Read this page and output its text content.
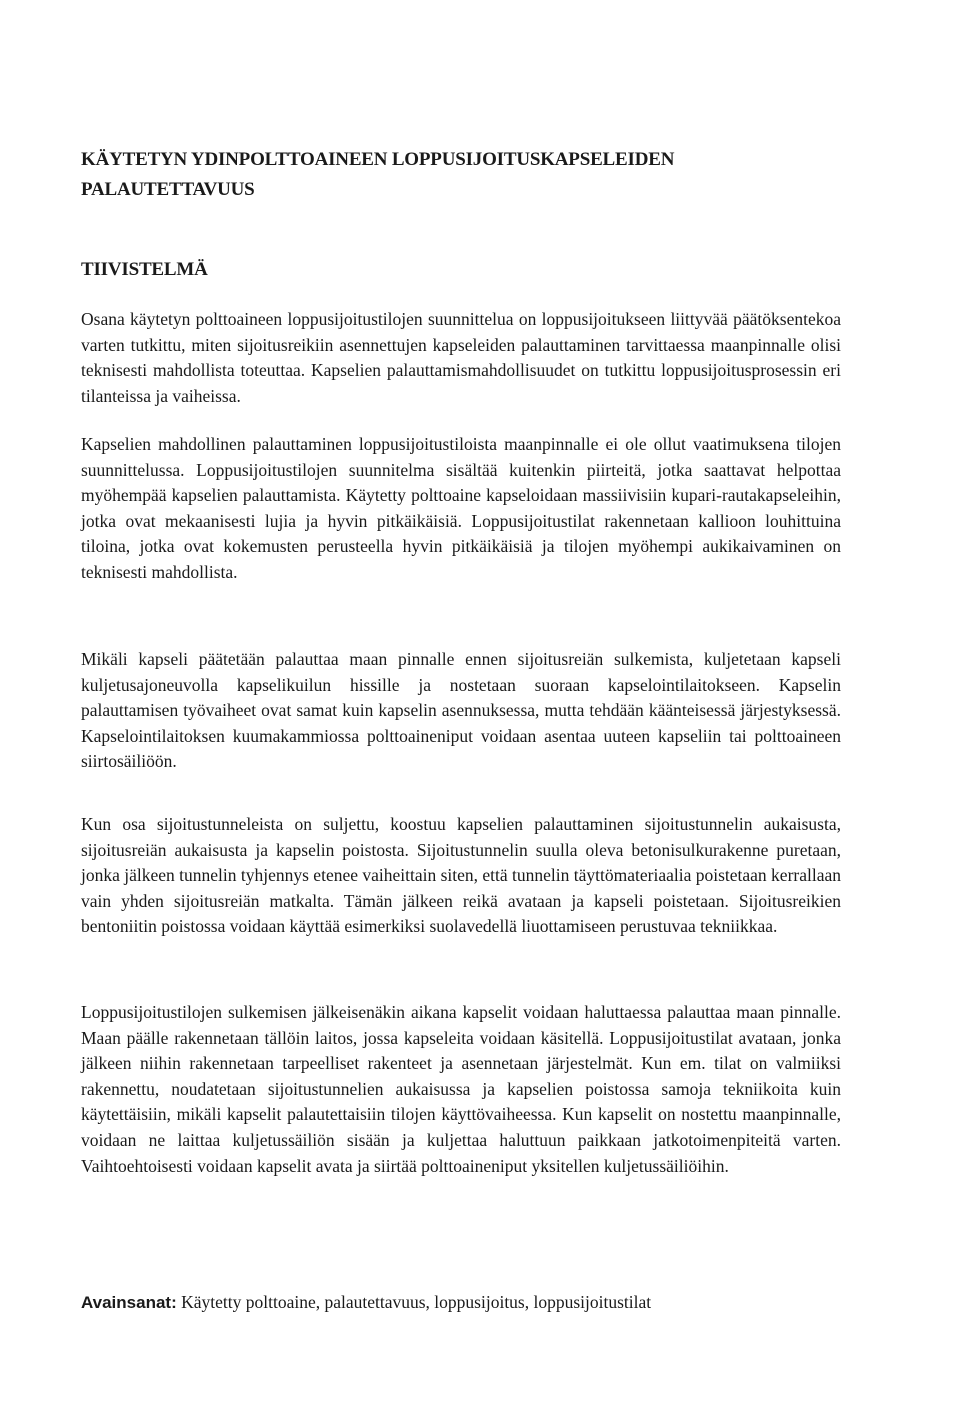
KÄYTETYN YDINPOLTTOAINEEN LOPPUSIJOITUSKAPSELEIDEN PALAUTETTAVUUS
TIIVISTELMÄ

Osana käytetyn polttoaineen loppusijoitustilojen suunnittelua on loppusijoitukseen liittyvää päätöksentekoa varten tutkittu, miten sijoitusreikiin asennettujen kapseleiden palauttaminen tarvittaessa maanpinnalle olisi teknisesti mahdollista toteuttaa. Kapselien palauttamismahdollisuudet on tutkittu loppusijoitusprosessin eri tilanteissa ja vaiheissa.

Kapselien mahdollinen palauttaminen loppusijoitustiloista maanpinnalle ei ole ollut vaatimuksena tilojen suunnittelussa. Loppusijoitustilojen suunnitelma sisältää kuitenkin piirteitä, jotka saattavat helpottaa myöhempää kapselien palauttamista. Käytetty polttoaine kapseloidaan massiivisiin kupari-rautakapseleihin, jotka ovat mekaanisesti lujia ja hyvin pitkäikäisiä. Loppusijoitustilat rakennetaan kallioon louhittuina tiloina, jotka ovat kokemusten perusteella hyvin pitkäikäisiä ja tilojen myöhempi aukikaivaminen on teknisesti mahdollista.

Mikäli kapseli päätetään palauttaa maan pinnalle ennen sijoitusreiän sulkemista, kuljetetaan kapseli kuljetusajoneuvolla kapselikuilun hissille ja nostetaan suoraan kapselointilaitokseen. Kapselin palauttamisen työvaiheet ovat samat kuin kapselin asennuksessa, mutta tehdään käänteisessä järjestyksessä. Kapselointilaitoksen kuumakammiossa polttoaineniput voidaan asentaa uuteen kapseliin tai polttoaineen siirtosäiliöön.

Kun osa sijoitustunneleista on suljettu, koostuu kapselien palauttaminen sijoitustunnelin aukaisusta, sijoitusreiän aukaisusta ja kapselin poistosta. Sijoitustunnelin suulla oleva betonisulkurakenne puretaan, jonka jälkeen tunnelin tyhjennys etenee vaiheittain siten, että tunnelin täyttömateriaalia poistetaan kerrallaan vain yhden sijoitusreiän matkalta. Tämän jälkeen reikä avataan ja kapseli poistetaan. Sijoitusreikien bentoniitin poistossa voidaan käyttää esimerkiksi suolavedellä liuottamiseen perustuvaa tekniikkaa.

Loppusijoitustilojen sulkemisen jälkeisenäkin aikana kapselit voidaan haluttaessa palauttaa maan pinnalle. Maan päälle rakennetaan tällöin laitos, jossa kapseleita voidaan käsitellä. Loppusijoitustilat avataan, jonka jälkeen niihin rakennetaan tarpeelliset rakenteet ja asennetaan järjestelmät. Kun em. tilat on valmiiksi rakennettu, noudatetaan sijoitustunnelien aukaisussa ja kapselien poistossa samoja tekniikoita kuin käytettäisiin, mikäli kapselit palautettaisiin tilojen käyttövaiheessa. Kun kapselit on nostettu maanpinnalle, voidaan ne laittaa kuljetussäiliön sisään ja kuljettaa haluttuun paikkaan jatkotoimenpiteitä varten. Vaihtoehtoisesti voidaan kapselit avata ja siirtää polttoaineniput yksitellen kuljetussäiliöihin.

Avainsanat: Käytetty polttoaine, palautettavuus, loppusijoitus, loppusijoitustilat
